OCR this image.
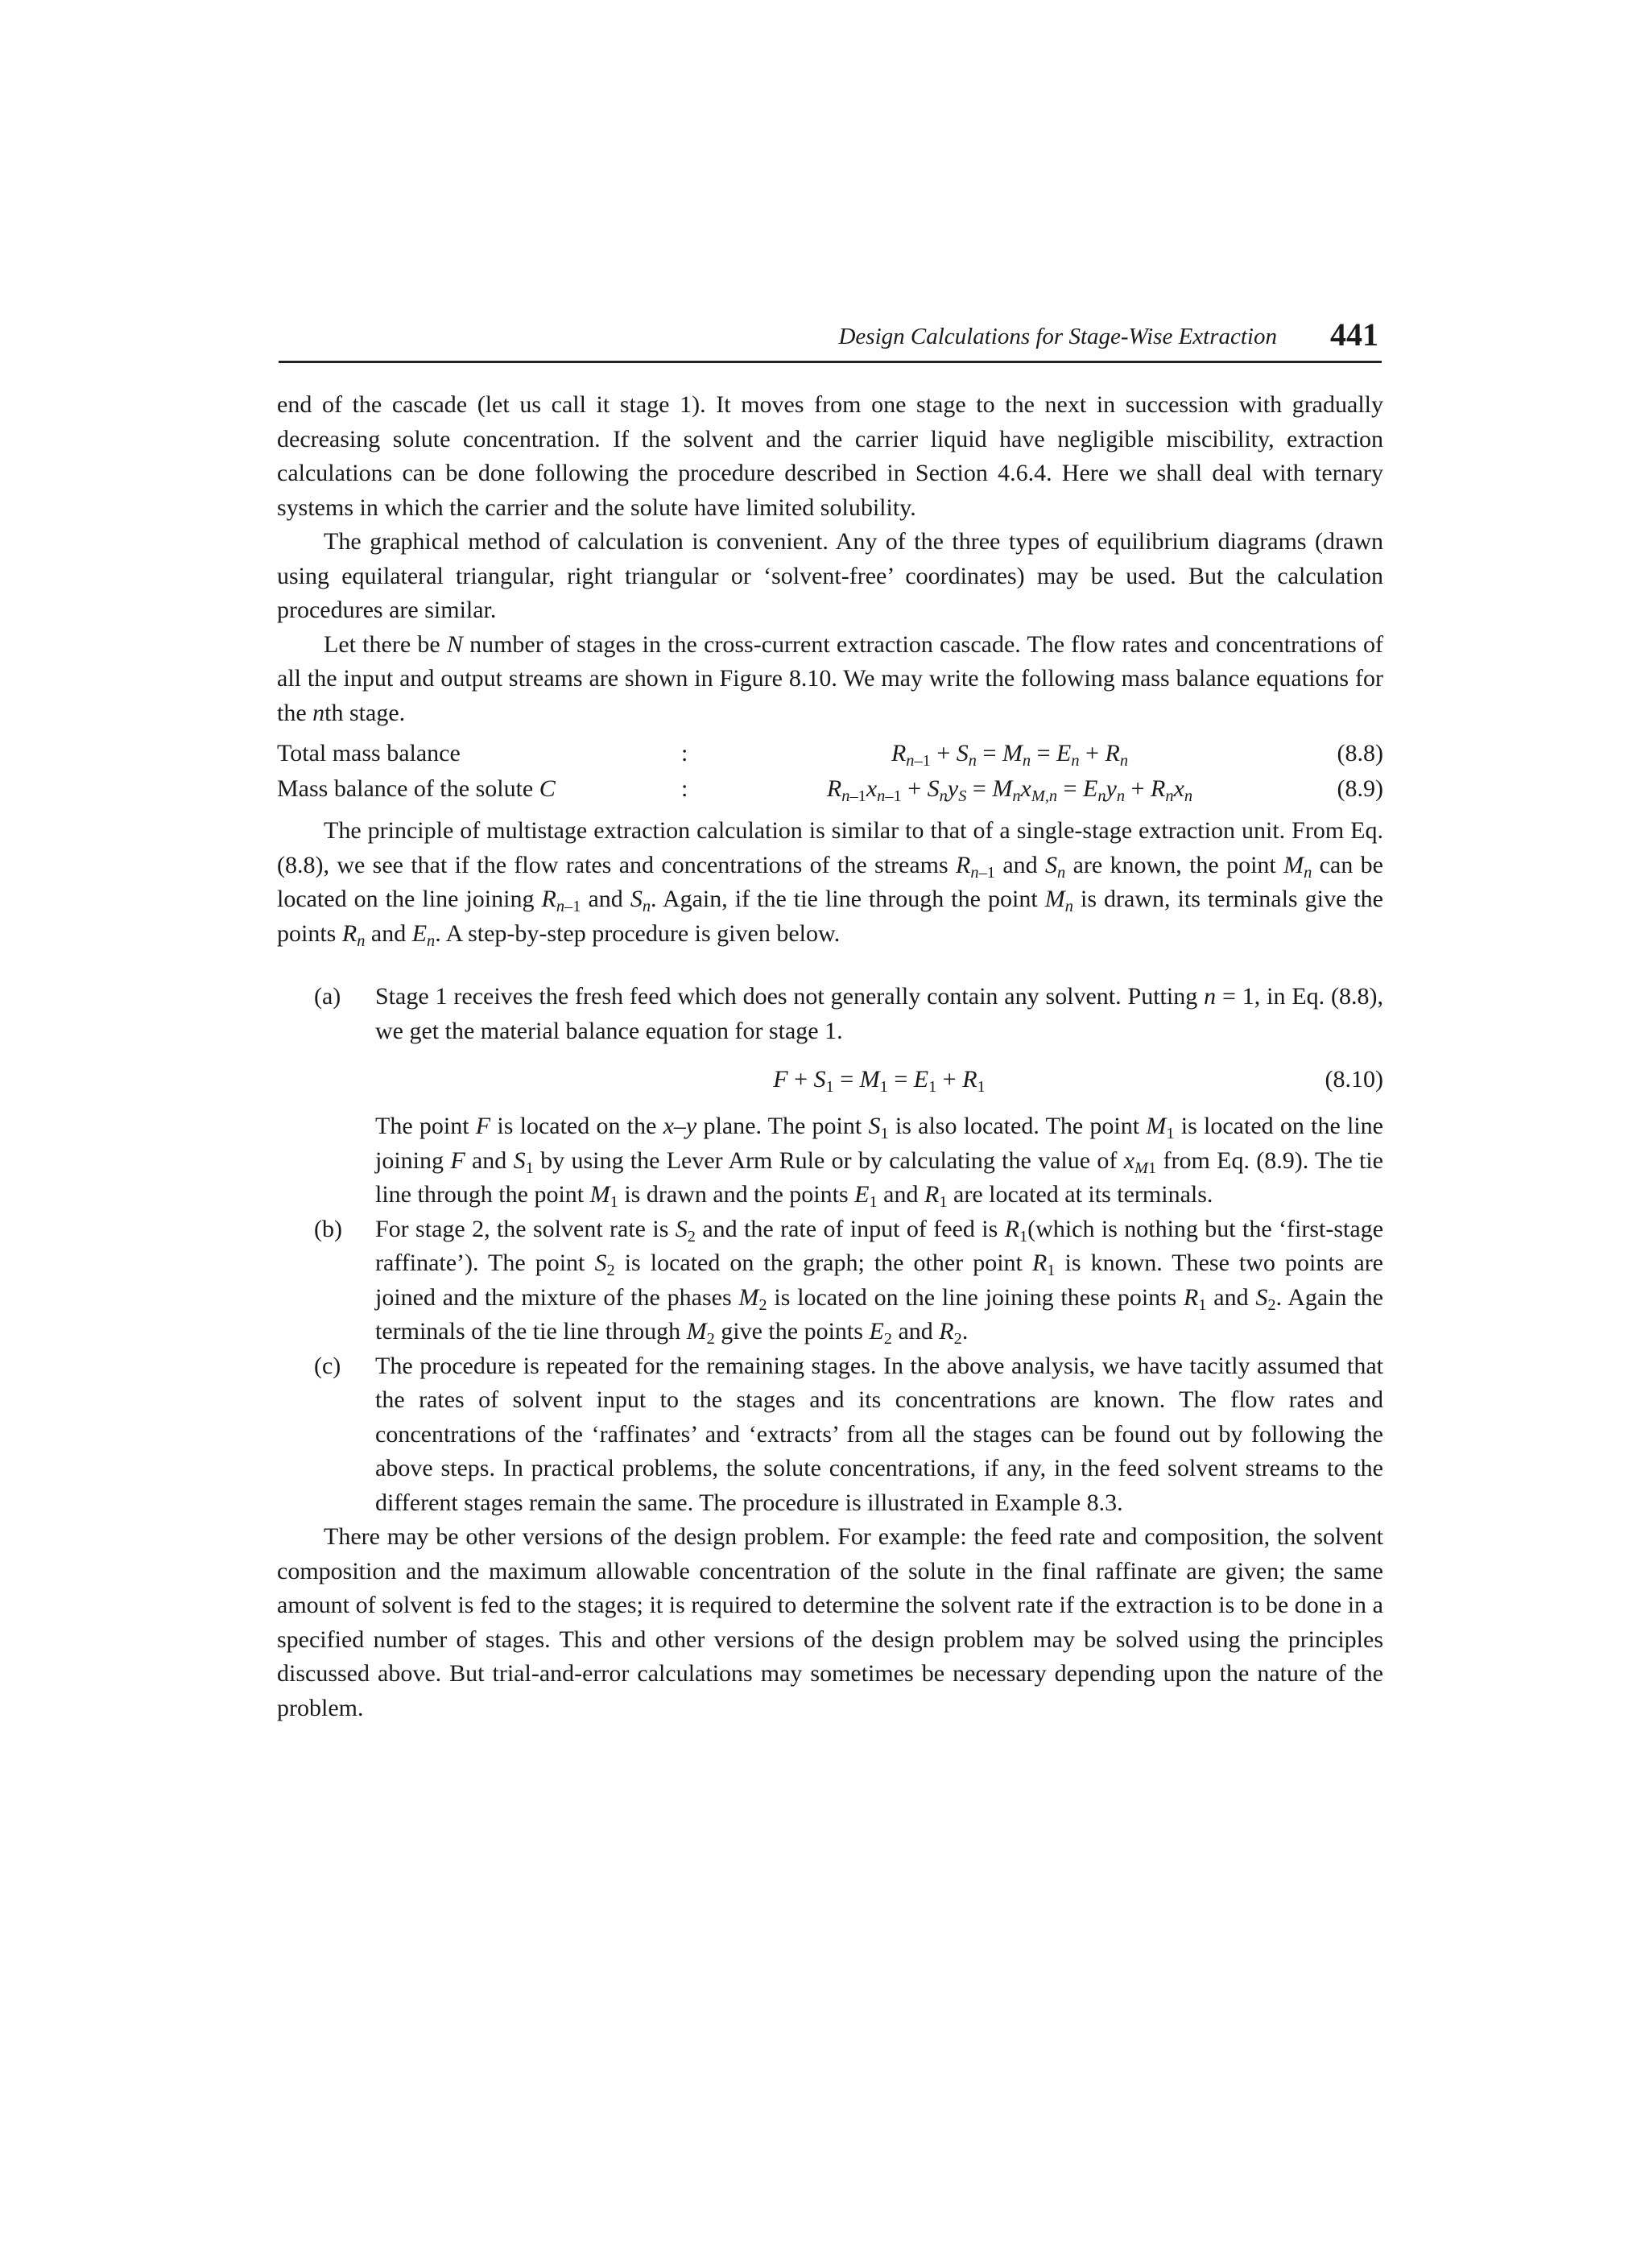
Design Calculations for Stage-Wise Extraction 441

end of the cascade (let us call it stage 1). It moves from one stage to the next in succession with gradually decreasing solute concentration. If the solvent and the carrier liquid have negligible miscibility, extraction calculations can be done following the procedure described in Section 4.6.4. Here we shall deal with ternary systems in which the carrier and the solute have limited solubility.

The graphical method of calculation is convenient. Any of the three types of equilibrium diagrams (drawn using equilateral triangular, right triangular or ‘solvent-free’ coordinates) may be used. But the calculation procedures are similar.

Let there be N number of stages in the cross-current extraction cascade. The flow rates and concentrations of all the input and output streams are shown in Figure 8.10. We may write the following mass balance equations for the nth stage.

Total mass balance	:	$R_{n-1} + S_n = M_n = E_n + R_n$	(8.8)
Mass balance of the solute C	:	$R_{n-1}x_{n-1} + S_ny_S = M_nx_{M,n} = E_ny_n + R_nx_n$	(8.9)

The principle of multistage extraction calculation is similar to that of a single-stage extraction unit. From Eq. (8.8), we see that if the flow rates and concentrations of the streams $R_{n-1}$ and $S_n$ are known, the point $M_n$ can be located on the line joining $R_{n-1}$ and $S_n$. Again, if the tie line through the point $M_n$ is drawn, its terminals give the points $R_n$ and $E_n$. A step-by-step procedure is given below.

(a) Stage 1 receives the fresh feed which does not generally contain any solvent. Putting n = 1, in Eq. (8.8), we get the material balance equation for stage 1.

$F + S_1 = M_1 = E_1 + R_1$	(8.10)

The point F is located on the x–y plane. The point $S_1$ is also located. The point $M_1$ is located on the line joining F and $S_1$ by using the Lever Arm Rule or by calculating the value of $x_{M1}$ from Eq. (8.9). The tie line through the point $M_1$ is drawn and the points $E_1$ and $R_1$ are located at its terminals.

(b) For stage 2, the solvent rate is $S_2$ and the rate of input of feed is $R_1(which$ is nothing but the ‘first-stage raffinate’). The point $S_2$ is located on the graph; the other point $R_1$ is known. These two points are joined and the mixture of the phases $M_2$ is located on the line joining these points $R_1$ and $S_2$. Again the terminals of the tie line through $M_2$ give the points $E_2$ and $R_2$.

(c) The procedure is repeated for the remaining stages. In the above analysis, we have tacitly assumed that the rates of solvent input to the stages and its concentrations are known. The flow rates and concentrations of the ‘raffinates’ and ‘extracts’ from all the stages can be found out by following the above steps. In practical problems, the solute concentrations, if any, in the feed solvent streams to the different stages remain the same. The procedure is illustrated in Example 8.3.

There may be other versions of the design problem. For example: the feed rate and composition, the solvent composition and the maximum allowable concentration of the solute in the final raffinate are given; the same amount of solvent is fed to the stages; it is required to determine the solvent rate if the extraction is to be done in a specified number of stages. This and other versions of the design problem may be solved using the principles discussed above. But trial-and-error calculations may sometimes be necessary depending upon the nature of the problem.
